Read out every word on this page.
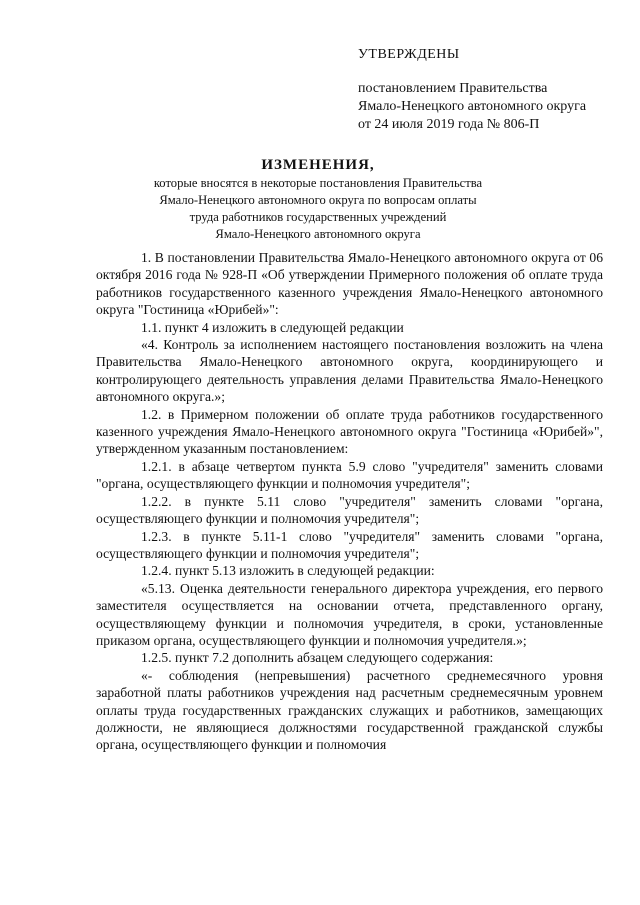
УТВЕРЖДЕНЫ
постановлением Правительства
Ямало-Ненецкого автономного округа
от 24 июля 2019 года № 806-П
ИЗМЕНЕНИЯ,
которые вносятся в некоторые постановления Правительства
Ямало-Ненецкого автономного округа по вопросам оплаты
труда работников государственных учреждений
Ямало-Ненецкого автономного округа

1. В постановлении Правительства Ямало-Ненецкого автономного округа от 06 октября 2016 года № 928-П «Об утверждении Примерного положения об оплате труда работников государственного казенного учреждения Ямало-Ненецкого автономного округа "Гостиница «Юрибей»":

1.1. пункт 4 изложить в следующей редакции

«4. Контроль за исполнением настоящего постановления возложить на члена Правительства Ямало-Ненецкого автономного округа, координирующего и контролирующего деятельность управления делами Правительства Ямало-Ненецкого автономного округа.»;

1.2. в Примерном положении об оплате труда работников государственного казенного учреждения Ямало-Ненецкого автономного округа "Гостиница «Юрибей»", утвержденном указанным постановлением:

1.2.1. в абзаце четвертом пункта 5.9 слово "учредителя" заменить словами "органа, осуществляющего функции и полномочия учредителя";

1.2.2. в пункте 5.11 слово "учредителя" заменить словами "органа, осуществляющего функции и полномочия учредителя";

1.2.3. в пункте 5.11-1 слово "учредителя" заменить словами "органа, осуществляющего функции и полномочия учредителя";

1.2.4. пункт 5.13 изложить в следующей редакции:

«5.13. Оценка деятельности генерального директора учреждения, его первого заместителя осуществляется на основании отчета, представленного органу, осуществляющему функции и полномочия учредителя, в сроки, установленные приказом органа, осуществляющего функции и полномочия учредителя.»;

1.2.5. пункт 7.2 дополнить абзацем следующего содержания:

«- соблюдения (непревышения) расчетного среднемесячного уровня заработной платы работников учреждения над расчетным среднемесячным уровнем оплаты труда государственных гражданских служащих и работников, замещающих должности, не являющиеся должностями государственной гражданской службы органа, осуществляющего функции и полномочия
